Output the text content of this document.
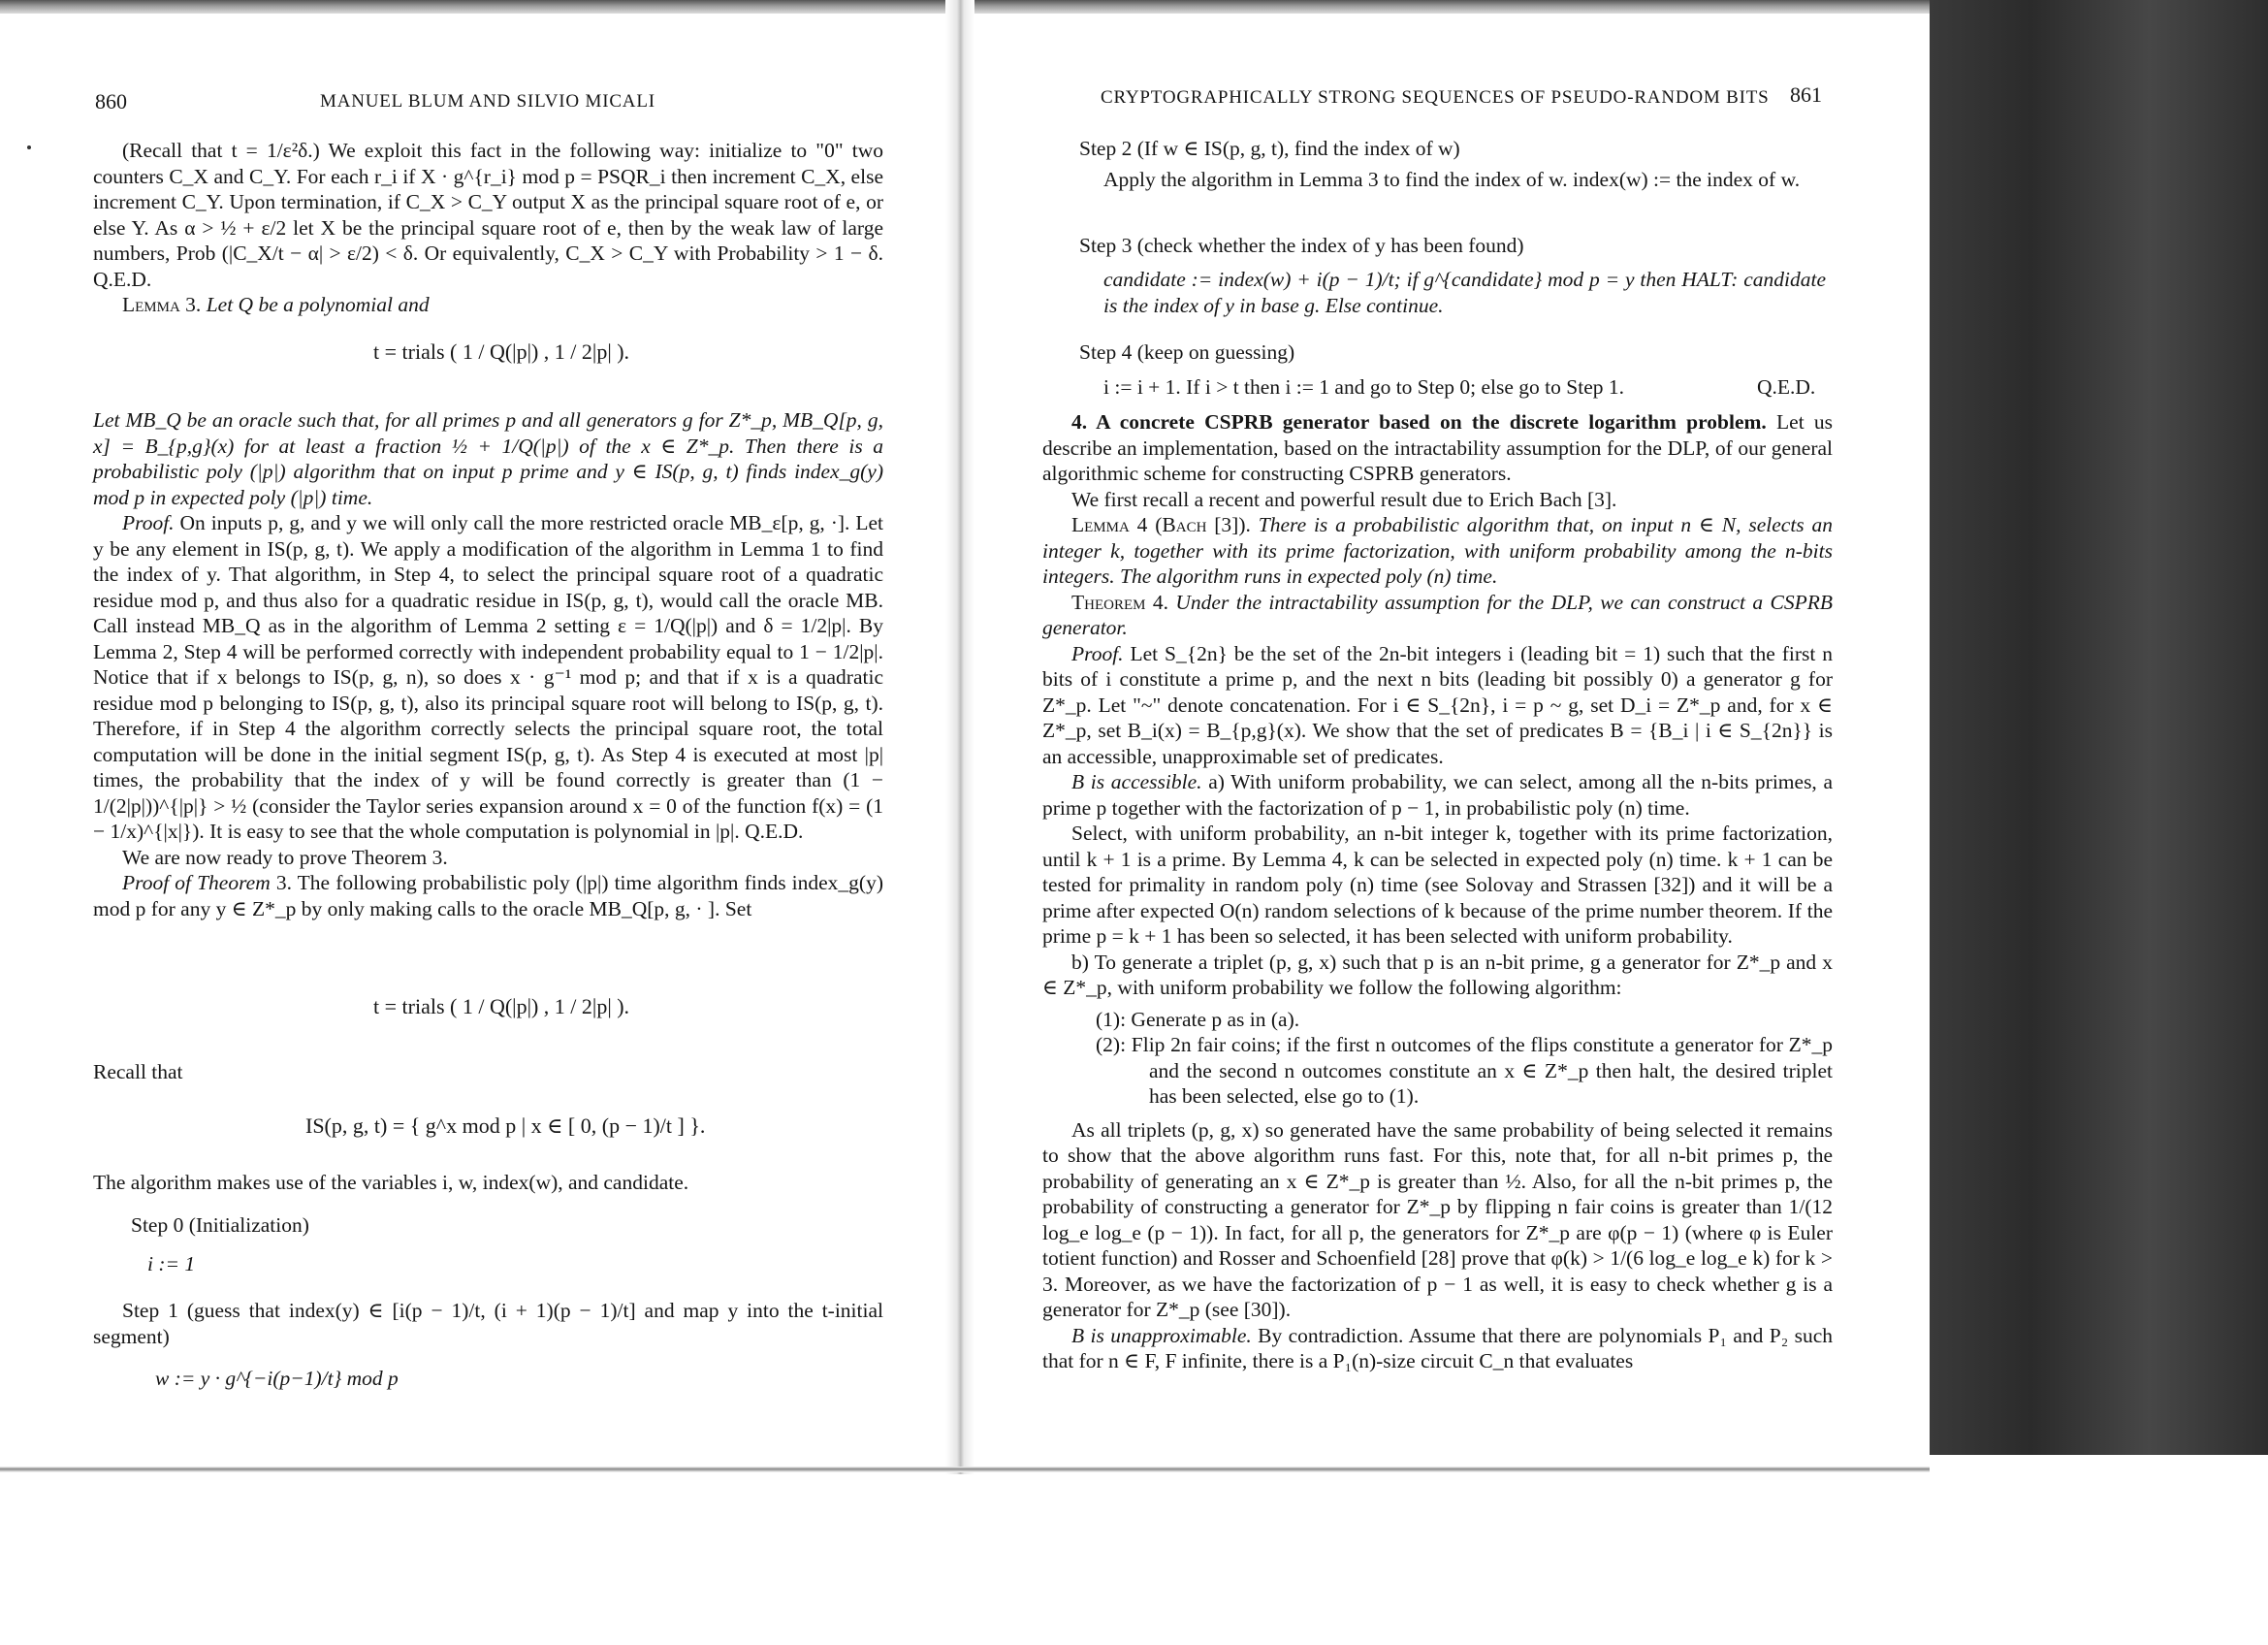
860	MANUEL BLUM AND SILVIO MICALI

(Recall that t = 1/ε²δ.) We exploit this fact in the following way: initialize to "0" two counters C_X and C_Y. For each r_i if X · g^{r_i} mod p = PSQR_i then increment C_X, else increment C_Y. Upon termination, if C_X > C_Y output X as the principal square root of e, or else Y. As α > ½ + ε/2 let X be the principal square root of e, then by the weak law of large numbers, Prob (|C_X/t − α| > ε/2) < δ. Or equivalently, C_X > C_Y with Probability > 1 − δ. Q.E.D.

Lemma 3. Let Q be a polynomial and

t = trials ( 1 / Q(|p|) , 1 / 2|p| ).

Let MB_Q be an oracle such that, for all primes p and all generators g for Z*_p, MB_Q[p, g, x] = B_{p,g}(x) for at least a fraction ½ + 1/Q(|p|) of the x ∈ Z*_p. Then there is a probabilistic poly (|p|) algorithm that on input p prime and y ∈ IS(p, g, t) finds index_g(y) mod p in expected poly (|p|) time.

Proof. On inputs p, g, and y we will only call the more restricted oracle MB_ε[p, g, ·]. Let y be any element in IS(p, g, t). We apply a modification of the algorithm in Lemma 1 to find the index of y. That algorithm, in Step 4, to select the principal square root of a quadratic residue mod p, and thus also for a quadratic residue in IS(p, g, t), would call the oracle MB. Call instead MB_Q as in the algorithm of Lemma 2 setting ε = 1/Q(|p|) and δ = 1/2|p|. By Lemma 2, Step 4 will be performed correctly with independent probability equal to 1 − 1/2|p|. Notice that if x belongs to IS(p, g, n), so does x · g⁻¹ mod p; and that if x is a quadratic residue mod p belonging to IS(p, g, t), also its principal square root will belong to IS(p, g, t). Therefore, if in Step 4 the algorithm correctly selects the principal square root, the total computation will be done in the initial segment IS(p, g, t). As Step 4 is executed at most |p| times, the probability that the index of y will be found correctly is greater than (1 − 1/(2|p|))^{|p|} > ½ (consider the Taylor series expansion around x = 0 of the function f(x) = (1 − 1/x)^{|x|}). It is easy to see that the whole computation is polynomial in |p|. Q.E.D.

We are now ready to prove Theorem 3.

Proof of Theorem 3. The following probabilistic poly (|p|) time algorithm finds index_g(y) mod p for any y ∈ Z*_p by only making calls to the oracle MB_Q[p, g, · ]. Set

t = trials ( 1 / Q(|p|) , 1 / 2|p| ).
Recall that
IS(p, g, t) = { g^x mod p | x ∈ [ 0, (p − 1)/t ] }.
The algorithm makes use of the variables i, w, index(w), and candidate.
Step 0 (Initialization)
i := 1

Step 1 (guess that index(y) ∈ [i(p − 1)/t, (i + 1)(p − 1)/t] and map y into the t-initial segment)

w := y · g^{−i(p−1)/t} mod p
CRYPTOGRAPHICALLY STRONG SEQUENCES OF PSEUDO-RANDOM BITS 861
Step 2 (If w ∈ IS(p, g, t), find the index of w)
Apply the algorithm in Lemma 3 to find the index of w. index(w) := the index of w.
Step 3 (check whether the index of y has been found)
candidate := index(w) + i(p − 1)/t; if g^{candidate} mod p = y then HALT: candidate is the index of y in base g. Else continue.
Step 4 (keep on guessing)
i := i + 1. If i > t then i := 1 and go to Step 0; else go to Step 1.	Q.E.D.

4. A concrete CSPRB generator based on the discrete logarithm problem. Let us describe an implementation, based on the intractability assumption for the DLP, of our general algorithmic scheme for constructing CSPRB generators.

We first recall a recent and powerful result due to Erich Bach [3].

Lemma 4 (Bach [3]). There is a probabilistic algorithm that, on input n ∈ N, selects an integer k, together with its prime factorization, with uniform probability among the n-bits integers. The algorithm runs in expected poly (n) time.

Theorem 4. Under the intractability assumption for the DLP, we can construct a CSPRB generator.

Proof. Let S_{2n} be the set of the 2n-bit integers i (leading bit = 1) such that the first n bits of i constitute a prime p, and the next n bits (leading bit possibly 0) a generator g for Z*_p. Let "~" denote concatenation. For i ∈ S_{2n}, i = p ~ g, set D_i = Z*_p and, for x ∈ Z*_p, set B_i(x) = B_{p,g}(x). We show that the set of predicates B = {B_i | i ∈ S_{2n}} is an accessible, unapproximable set of predicates.

B is accessible. a) With uniform probability, we can select, among all the n-bits primes, a prime p together with the factorization of p − 1, in probabilistic poly (n) time.

Select, with uniform probability, an n-bit integer k, together with its prime factorization, until k + 1 is a prime. By Lemma 4, k can be selected in expected poly (n) time. k + 1 can be tested for primality in random poly (n) time (see Solovay and Strassen [32]) and it will be a prime after expected O(n) random selections of k because of the prime number theorem. If the prime p = k + 1 has been so selected, it has been selected with uniform probability.

b) To generate a triplet (p, g, x) such that p is an n-bit prime, g a generator for Z*_p and x ∈ Z*_p, with uniform probability we follow the following algorithm:

(1): Generate p as in (a).

(2): Flip 2n fair coins; if the first n outcomes of the flips constitute a generator for Z*_p and the second n outcomes constitute an x ∈ Z*_p then halt, the desired triplet has been selected, else go to (1).

As all triplets (p, g, x) so generated have the same probability of being selected it remains to show that the above algorithm runs fast. For this, note that, for all n-bit primes p, the probability of generating an x ∈ Z*_p is greater than ½. Also, for all the n-bit primes p, the probability of constructing a generator for Z*_p by flipping n fair coins is greater than 1/(12 log_e log_e (p − 1)). In fact, for all p, the generators for Z*_p are φ(p − 1) (where φ is Euler totient function) and Rosser and Schoenfield [28] prove that φ(k) > 1/(6 log_e log_e k) for k > 3. Moreover, as we have the factorization of p − 1 as well, it is easy to check whether g is a generator for Z*_p (see [30]).

B is unapproximable. By contradiction. Assume that there are polynomials P₁ and P₂ such that for n ∈ F, F infinite, there is a P₁(n)-size circuit C_n that evaluates
